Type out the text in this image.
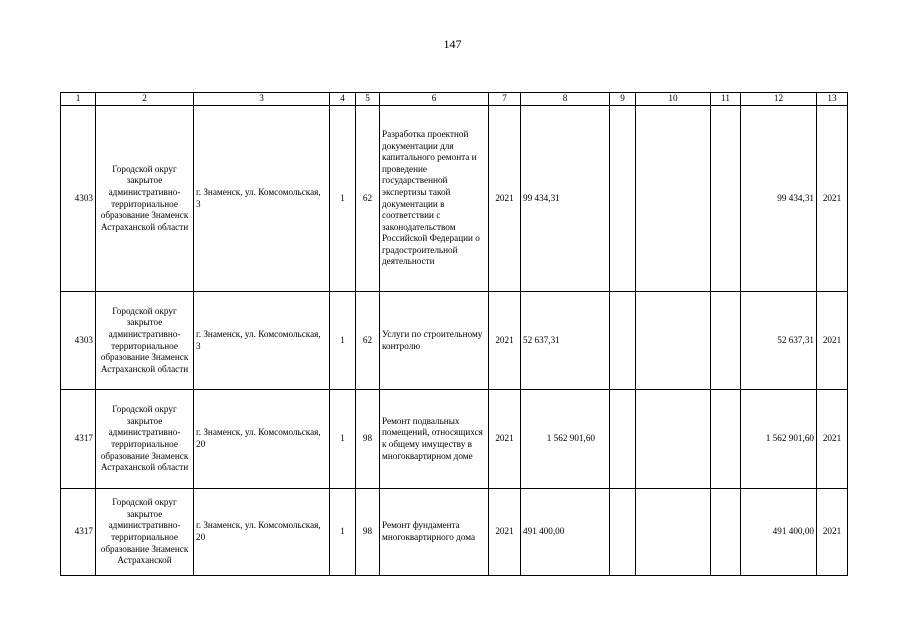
147
1	2	3	4	5	6	7	8	9	10	11	12	13
4303	Городской округ закрытое административно-территориальное образование Знаменск Астраханской области	г. Знаменск, ул. Комсомольская, 3	1	62	Разработка проектной документации для капитального ремонта и проведение государственной экспертизы такой документации в соответствии с законодательством Российской Федерации о градостроительной деятельности	2021	99 434,31				99 434,31	2021
4303	Городской округ закрытое административно-территориальное образование Знаменск Астраханской области	г. Знаменск, ул. Комсомольская, 3	1	62	Услуги по строительному контролю	2021	52 637,31				52 637,31	2021
4317	Городской округ закрытое административно-территориальное образование Знаменск Астраханской области	г. Знаменск, ул. Комсомольская, 20	1	98	Ремонт подвальных помещений, относящихся к общему имуществу в многоквартирном доме	2021	1 562 901,60				1 562 901,60	2021
4317	Городской округ закрытое административно-территориальное образование Знаменск Астраханской	г. Знаменск, ул. Комсомольская, 20	1	98	Ремонт фундамента многоквартирного дома	2021	491 400,00				491 400,00	2021
